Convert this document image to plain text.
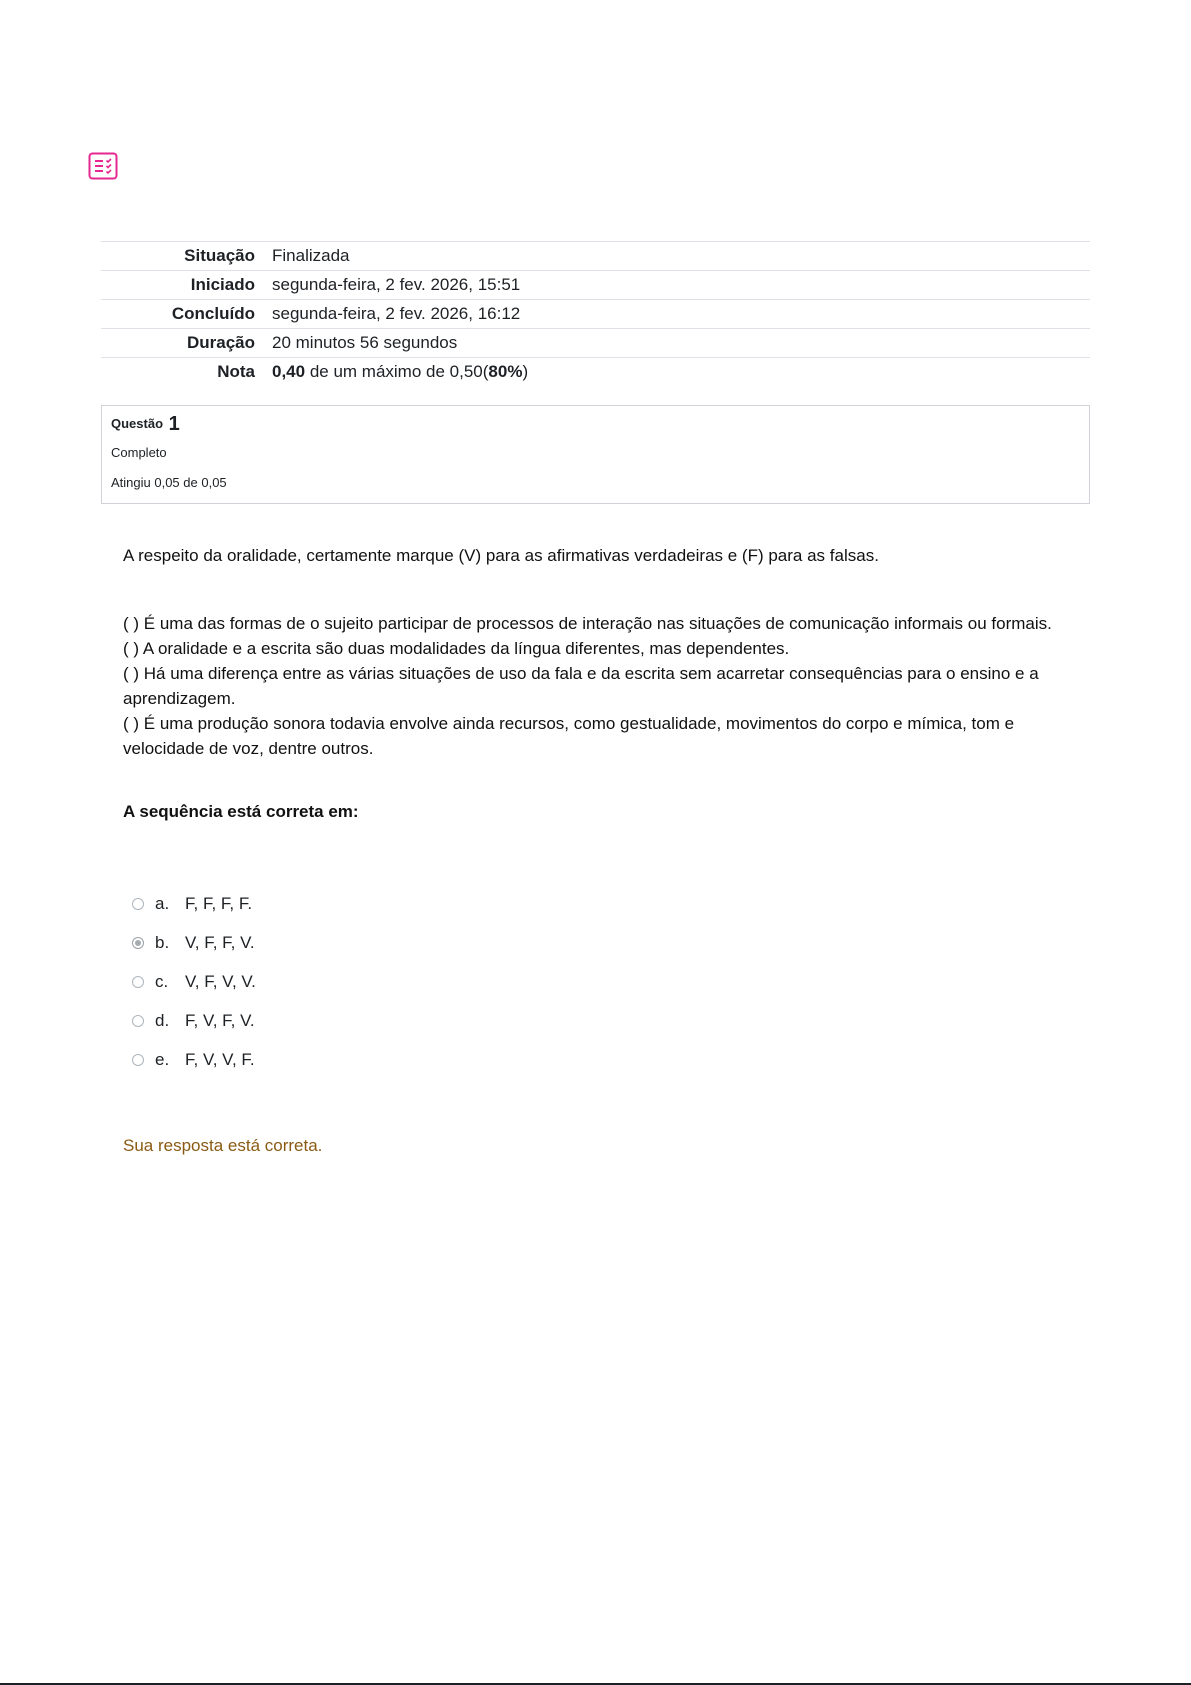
Situação	Finalizada
Iniciado	segunda-feira, 2 fev. 2026, 15:51
Concluído	segunda-feira, 2 fev. 2026, 16:12
Duração	20 minutos 56 segundos
Nota	0,40 de um máximo de 0,50(80%)
Questão 1
Completo
Atingiu 0,05 de 0,05
A respeito da oralidade, certamente marque (V) para as afirmativas verdadeiras e (F) para as falsas.

( ) É uma das formas de o sujeito participar de processos de interação nas situações de comunicação informais ou formais.

( ) A oralidade e a escrita são duas modalidades da língua diferentes, mas dependentes.

( ) Há uma diferença entre as várias situações de uso da fala e da escrita sem acarretar consequências para o ensino e a aprendizagem.

( ) É uma produção sonora todavia envolve ainda recursos, como gestualidade, movimentos do corpo e mímica, tom e velocidade de voz, dentre outros.

A sequência está correta em:
a. F, F, F, F.
b. V, F, F, V.
c. V, F, V, V.
d. F, V, F, V.
e. F, V, V, F.
Sua resposta está correta.
